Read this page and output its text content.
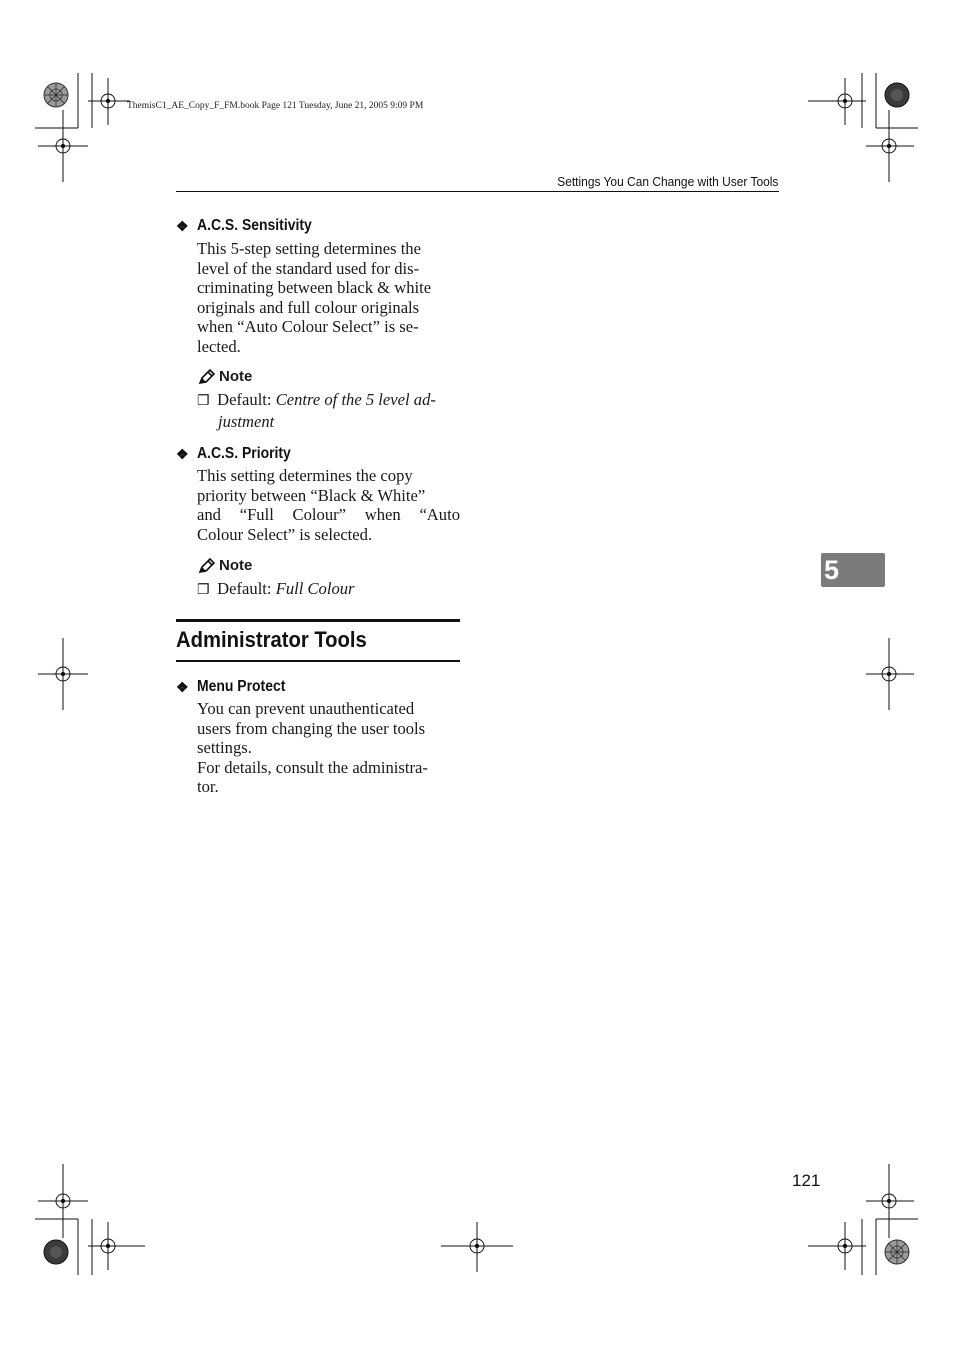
ThemisC1_AE_Copy_F_FM.book Page 121 Tuesday, June 21, 2005 9:09 PM
Settings You Can Change with User Tools
❖ A.C.S. Sensitivity
This 5-step setting determines the
level of the standard used for dis-
criminating between black & white
originals and full colour originals
when “Auto Colour Select” is se-
lected.
Note
❐ Default: Centre of the 5 level ad-
justment
❖ A.C.S. Priority
This setting determines the copy
priority between “Black & White”
and “Full Colour” when “Auto
Colour Select” is selected.
Note
❐ Default: Full Colour
Administrator Tools
❖ Menu Protect
You can prevent unauthenticated
users from changing the user tools
settings.
For details, consult the administra-
tor.
5
121
